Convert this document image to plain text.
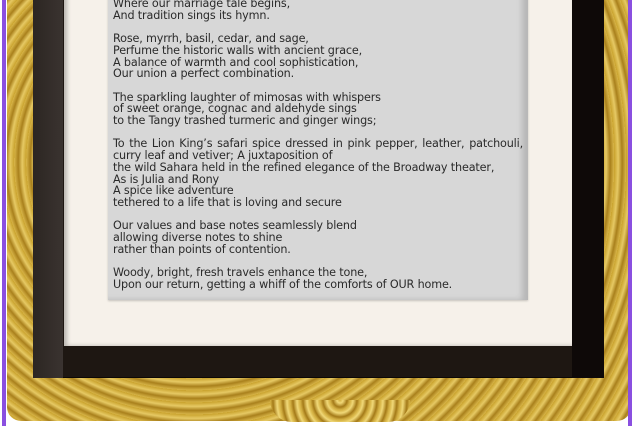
Where our marriage tale begins,
And tradition sings its hymn.
Rose, myrrh, basil, cedar, and sage,
Perfume the historic walls with ancient grace,
A balance of warmth and cool sophistication,
Our union a perfect combination.
The sparkling laughter of mimosas with whispers
of sweet orange, cognac and aldehyde sings
to the Tangy trashed turmeric and ginger wings;
To the Lion King’s safari spice dressed in pink pepper, leather, patchouli,
curry leaf and vetiver; A juxtaposition of
the wild Sahara held in the refined elegance of the Broadway theater,
As is Julia and Rony
A spice like adventure
tethered to a life that is loving and secure
Our values and base notes seamlessly blend
allowing diverse notes to shine
rather than points of contention.
Woody, bright, fresh travels enhance the tone,
Upon our return, getting a whiff of the comforts of OUR home.
